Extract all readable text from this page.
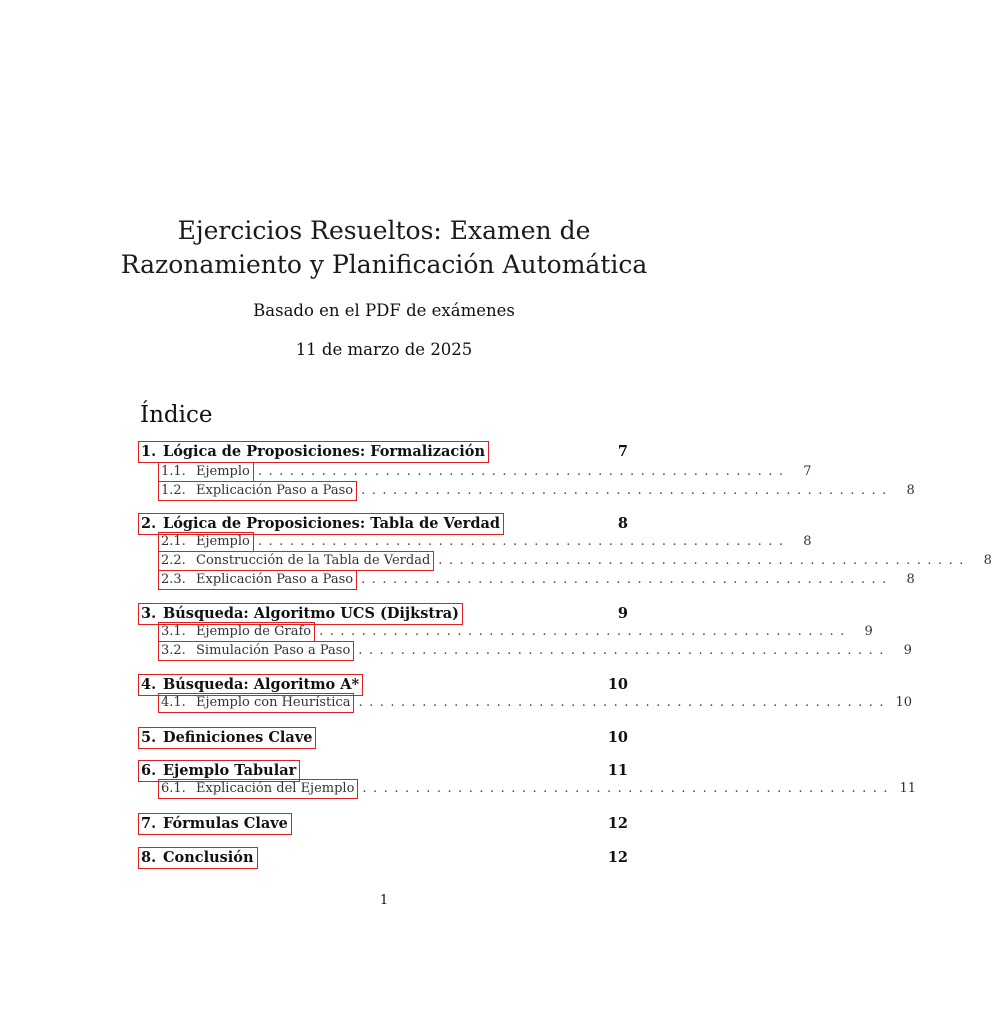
Ejercicios Resueltos: Examen de
Razonamiento y Planificación Automática
Basado en el PDF de exámenes
11 de marzo de 2025
Índice
1. Lógica de Proposiciones: Formalización	7
1.1. Ejemplo ..................................................	7
1.2. Explicación Paso a Paso ..................................................	8
2. Lógica de Proposiciones: Tabla de Verdad	8
2.1. Ejemplo ..................................................	8
2.2. Construcción de la Tabla de Verdad ..................................................	8
2.3. Explicación Paso a Paso ..................................................	8
3. Búsqueda: Algoritmo UCS (Dijkstra)	9
3.1. Ejemplo de Grafo ..................................................	9
3.2. Simulación Paso a Paso ..................................................	9
4. Búsqueda: Algoritmo A*	10
4.1. Ejemplo con Heurística .................................................. 10
5. Definiciones Clave	10
6. Ejemplo Tabular	11
6.1. Explicación del Ejemplo .................................................. 11
7. Fórmulas Clave	12
8. Conclusión	12
1
